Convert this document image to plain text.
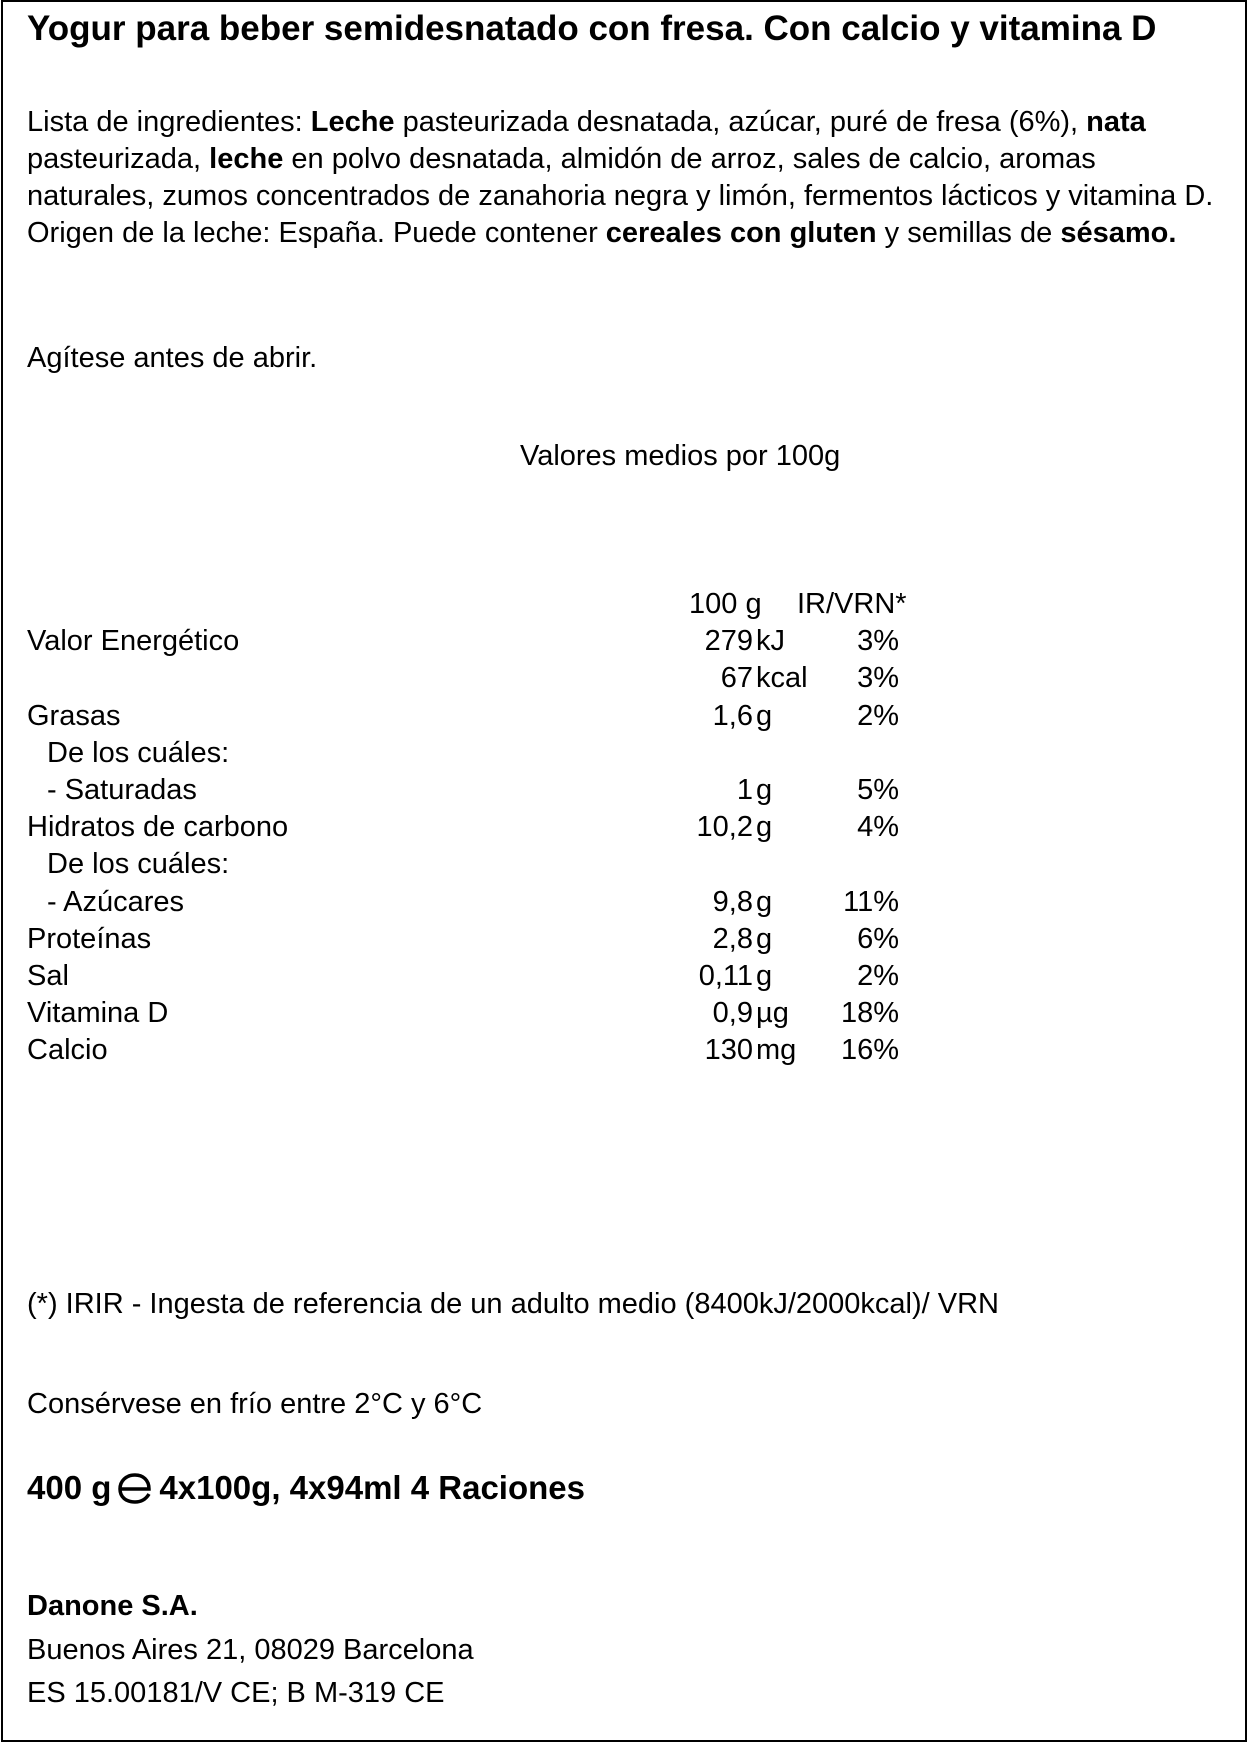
Yogur para beber semidesnatado con fresa. Con calcio y vitamina D
Lista de ingredientes: Leche pasteurizada desnatada, azúcar, puré de fresa (6%), nata pasteurizada, leche en polvo desnatada, almidón de arroz, sales de calcio, aromas naturales, zumos concentrados de zanahoria negra y limón, fermentos lácticos y vitamina D. Origen de la leche: España. Puede contener cereales con gluten y semillas de sésamo.
Agítese antes de abrir.
Valores medios por 100g
100 g IR/VRN*
Valor Energético	279 kJ 3%
67 kcal 3%
Grasas	1,6 g	2%
De los cuáles:
- Saturadas	1 g	5%
Hidratos de carbono	10,2 g	4%
De los cuáles:
- Azúcares	9,8 g 11%
Proteínas	2,8 g	6%
Sal	0,11 g	2%
Vitamina D	0,9 µg 18%
Calcio	130 mg 16%
(*) IRIR - Ingesta de referencia de un adulto medio (8400kJ/2000kcal)/ VRN
Consérvese en frío entre 2°C y 6°C
400 g 4x100g, 4x94ml 4 Raciones
Danone S.A.
Buenos Aires 21, 08029 Barcelona
ES 15.00181/V CE; B M-319 CE
